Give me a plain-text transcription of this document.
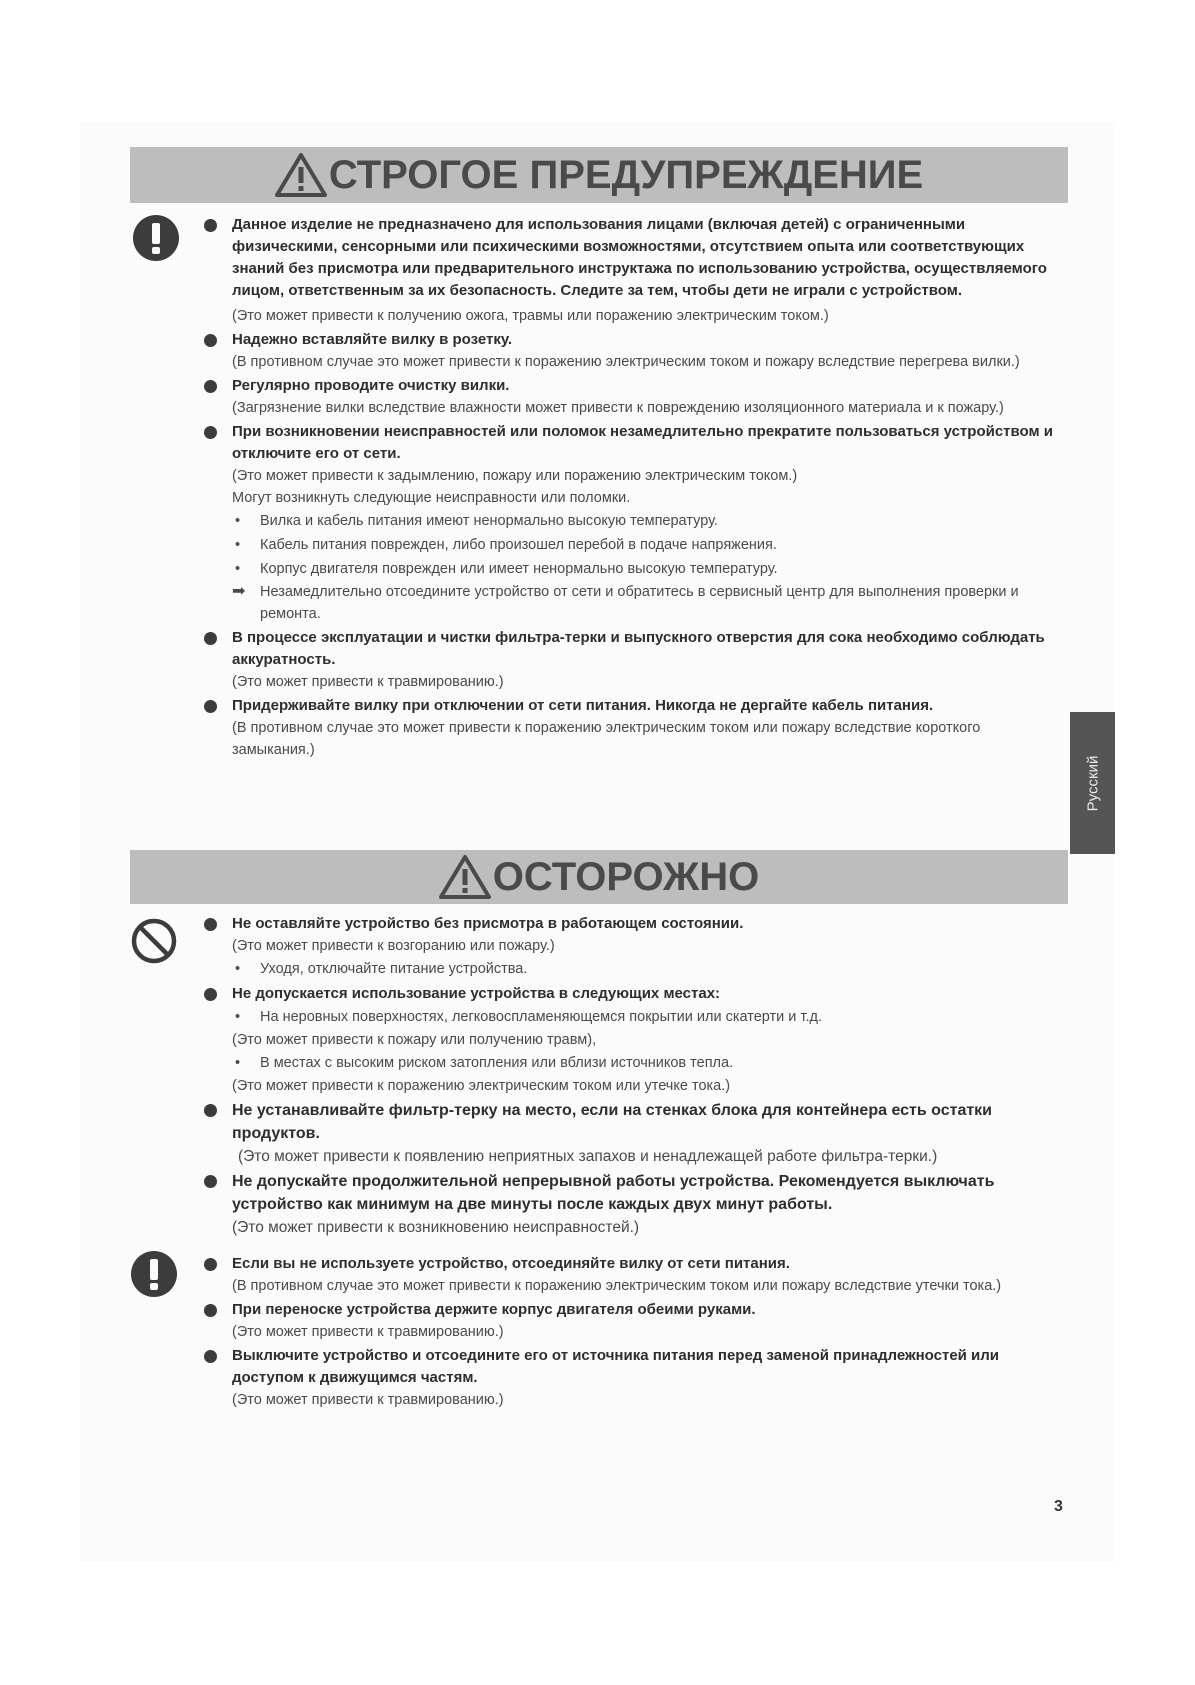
СТРОГОЕ ПРЕДУПРЕЖДЕНИЕ
Данное изделие не предназначено для использования лицами (включая детей) с ограниченными физическими, сенсорными или психическими возможностями, отсутствием опыта или соответствующих знаний без присмотра или предварительного инструктажа по использованию устройства, осуществляемого лицом, ответственным за их безопасность. Следите за тем, чтобы дети не играли с устройством.
(Это может привести к получению ожога, травмы или поражению электрическим током.)
Надежно вставляйте вилку в розетку.
(В противном случае это может привести к поражению электрическим током и пожару вследствие перегрева вилки.)
Регулярно проводите очистку вилки.
(Загрязнение вилки вследствие влажности может привести к повреждению изоляционного материала и к пожару.)
При возникновении неисправностей или поломок незамедлительно прекратите пользоваться устройством и отключите его от сети.
(Это может привести к задымлению, пожару или поражению электрическим током.)
Могут возникнуть следующие неисправности или поломки.
• Вилка и кабель питания имеют ненормально высокую температуру.
• Кабель питания поврежден, либо произошел перебой в подаче напряжения.
• Корпус двигателя поврежден или имеет ненормально высокую температуру.
➡ Незамедлительно отсоедините устройство от сети и обратитесь в сервисный центр для выполнения проверки и ремонта.
В процессе эксплуатации и чистки фильтра-терки и выпускного отверстия для сока необходимо соблюдать аккуратность.
(Это может привести к травмированию.)
Придерживайте вилку при отключении от сети питания. Никогда не дергайте кабель питания.
(В противном случае это может привести к поражению электрическим током или пожару вследствие короткого замыкания.)
ОСТОРОЖНО
Не оставляйте устройство без присмотра в работающем состоянии.
(Это может привести к возгоранию или пожару.)
• Уходя, отключайте питание устройства.
Не допускается использование устройства в следующих местах:
• На неровных поверхностях, легковоспламеняющемся покрытии или скатерти и т.д.
(Это может привести к пожару или получению травм),
• В местах с высоким риском затопления или вблизи источников тепла.
(Это может привести к поражению электрическим током или утечке тока.)
Не устанавливайте фильтр-терку на место, если на стенках блока для контейнера есть остатки продуктов.
(Это может привести к появлению неприятных запахов и ненадлежащей работе фильтра-терки.)
Не допускайте продолжительной непрерывной работы устройства. Рекомендуется выключать устройство как минимум на две минуты после каждых двух минут работы.
(Это может привести к возникновению неисправностей.)
Если вы не используете устройство, отсоединяйте вилку от сети питания.
(В противном случае это может привести к поражению электрическим током или пожару вследствие утечки тока.)
При переноске устройства держите корпус двигателя обеими руками.
(Это может привести к травмированию.)
Выключите устройство и отсоедините его от источника питания перед заменой принадлежностей или доступом к движущимся частям.
(Это может привести к травмированию.)
Русский
3
